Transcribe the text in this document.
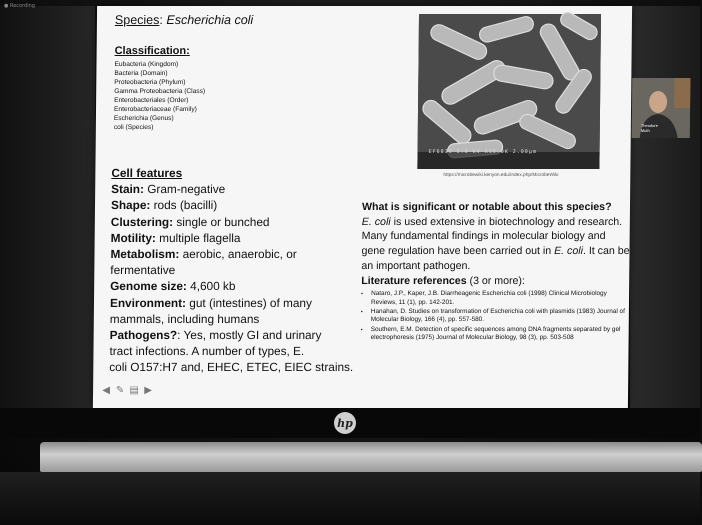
● Recording
Species: Escherichia coli
Classification:
Eubacteria (Kingdom)
Bacteria (Domain)
Proteobacteria (Phylum)
Gamma Proteobacteria (Class)
Enterobacteriales (Order)
Enterobacteriaceae (Family)
Escherichia (Genus)
coli (Species)
EF6831 5.0 kV X15.0K 2.00μm
https://microbewiki.kenyon.edu/index.php/MicrobeWiki
Theodore Muth
Cell features
Stain: Gram-negative
Shape: rods (bacilli)
Clustering: single or bunched
Motility: multiple flagella
Metabolism: aerobic, anaerobic, or
fermentative
Genome size: 4,600 kb
Environment: gut (intestines) of many
mammals, including humans
Pathogens?: Yes, mostly GI and urinary
tract infections. A number of types, E.
coli O157:H7 and, EHEC, ETEC, EIEC strains.
What is significant or notable about this species?
E. coli is used extensive in biotechnology and research. Many fundamental findings in molecular biology and gene regulation have been carried out in E. coli. It can be an important pathogen.
Literature references (3 or more):
▪ Nataro, J.P., Kaper, J.B. Diarrheagenic Escherichia coli (1998) Clinical Microbiology Reviews, 11 (1), pp. 142-201.
▪ Hanahan, D. Studies on transformation of Escherichia coli with plasmids (1983) Journal of Molecular Biology, 166 (4), pp. 557-580.
▪ Southern, E.M. Detection of specific sequences among DNA fragments separated by gel electrophoresis (1975) Journal of Molecular Biology, 98 (3), pp. 503-508
◀ ✎ ▤ ▶
hp
